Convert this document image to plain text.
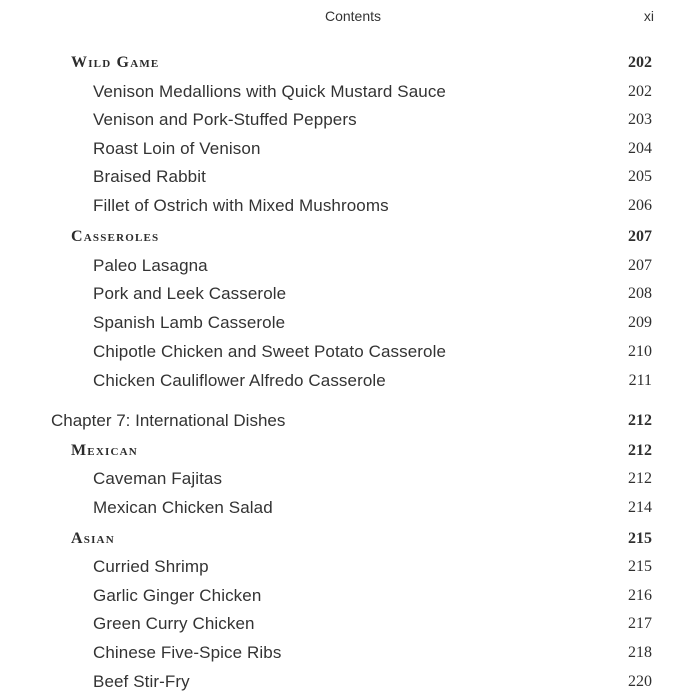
Contents	xi
Wild Game	202
Venison Medallions with Quick Mustard Sauce	202
Venison and Pork-Stuffed Peppers	203
Roast Loin of Venison	204
Braised Rabbit	205
Fillet of Ostrich with Mixed Mushrooms	206
Casseroles	207
Paleo Lasagna	207
Pork and Leek Casserole	208
Spanish Lamb Casserole	209
Chipotle Chicken and Sweet Potato Casserole	210
Chicken Cauliflower Alfredo Casserole	211
Chapter 7: International Dishes	212
Mexican	212
Caveman Fajitas	212
Mexican Chicken Salad	214
Asian	215
Curried Shrimp	215
Garlic Ginger Chicken	216
Green Curry Chicken	217
Chinese Five-Spice Ribs	218
Beef Stir-Fry	220
